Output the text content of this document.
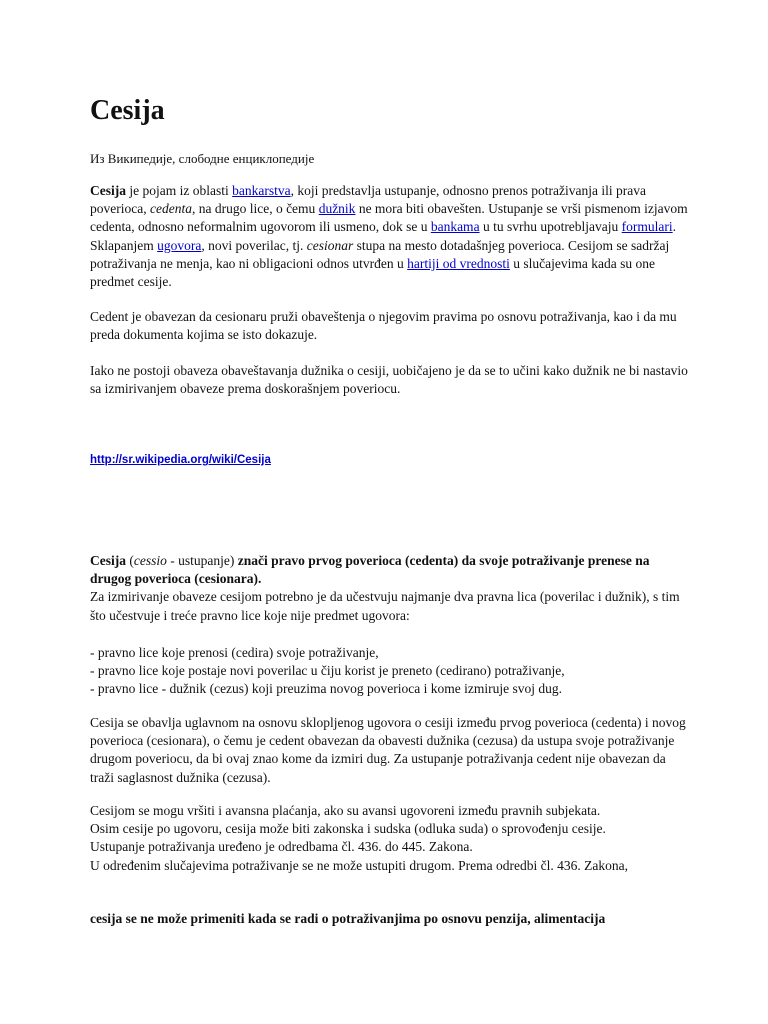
Cesija
Из Википедије, слободне енциклопедије

Cesija je pojam iz oblasti bankarstva, koji predstavlja ustupanje, odnosno prenos potraživanja ili prava poverioca, cedenta, na drugo lice, o čemu dužnik ne mora biti obavešten. Ustupanje se vrši pismenom izjavom cedenta, odnosno neformalnim ugovorom ili usmeno, dok se u bankama u tu svrhu upotrebljavaju formulari. Sklapanjem ugovora, novi poverilac, tj. cesionar stupa na mesto dotadašnjeg poverioca. Cesijom se sadržaj potraživanja ne menja, kao ni obligacioni odnos utvrđen u hartiji od vrednosti u slučajevima kada su one predmet cesije.

Cedent je obavezan da cesionaru pruži obaveštenja o njegovim pravima po osnovu potraživanja, kao i da mu preda dokumenta kojima se isto dokazuje.

Iako ne postoji obaveza obaveštavanja dužnika o cesiji, uobičajeno je da se to učini kako dužnik ne bi nastavio sa izmirivanjem obaveze prema doskorašnjem poveriocu.

http://sr.wikipedia.org/wiki/Cesija

Cesija (cessio - ustupanje) znači pravo prvog poverioca (cedenta) da svoje potraživanje prenese na drugog poverioca (cesionara).
Za izmirivanje obaveze cesijom potrebno je da učestvuju najmanje dva pravna lica (poverilac i dužnik), s tim što učestvuje i treće pravno lice koje nije predmet ugovora:
- pravno lice koje prenosi (cedira) svoje potraživanje,
- pravno lice koje postaje novi poverilac u čiju korist je preneto (cedirano) potraživanje,
- pravno lice - dužnik (cezus) koji preuzima novog poverioca i kome izmiruje svoj dug.

Cesija se obavlja uglavnom na osnovu sklopljenog ugovora o cesiji između prvog poverioca (cedenta) i novog poverioca (cesionara), o čemu je cedent obavezan da obavesti dužnika (cezusa) da ustupa svoje potraživanje drugom poveriocu, da bi ovaj znao kome da izmiri dug. Za ustupanje potraživanja cedent nije obavezan da traži saglasnost dužnika (cezusa).

Cesijom se mogu vršiti i avansna plaćanja, ako su avansi ugovoreni između pravnih subjekata.
Osim cesije po ugovoru, cesija može biti zakonska i sudska (odluka suda) o sprovođenju cesije.
Ustupanje potraživanja uređeno je odredbama čl. 436. do 445. Zakona.
U određenim slučajevima potraživanje se ne može ustupiti drugom. Prema odredbi čl. 436. Zakona,

cesija se ne može primeniti kada se radi o potraživanjima po osnovu penzija, alimentacija
